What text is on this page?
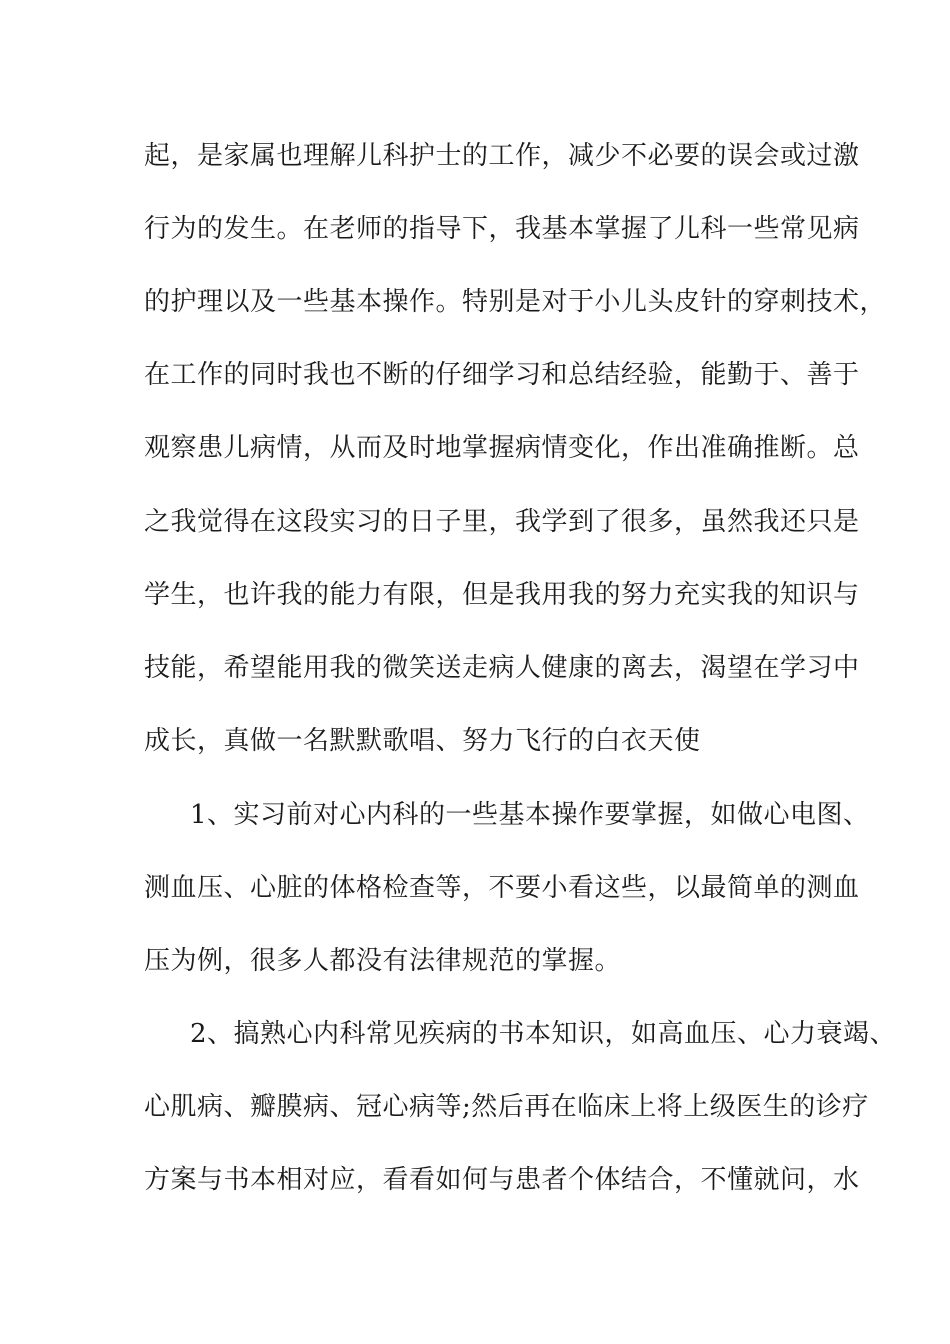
起，是家属也理解儿科护士的工作，减少不必要的误会或过激
行为的发生。在老师的指导下，我基本掌握了儿科一些常见病
的护理以及一些基本操作。特别是对于小儿头皮针的穿刺技术，
在工作的同时我也不断的仔细学习和总结经验，能勤于、善于
观察患儿病情，从而及时地掌握病情变化，作出准确推断。总
之我觉得在这段实习的日子里，我学到了很多，虽然我还只是
学生，也许我的能力有限，但是我用我的努力充实我的知识与
技能，希望能用我的微笑送走病人健康的离去，渴望在学习中
成长，真做一名默默歌唱、努力飞行的白衣天使
1、实习前对心内科的一些基本操作要掌握，如做心电图、
测血压、心脏的体格检查等，不要小看这些，以最简单的测血
压为例，很多人都没有法律规范的掌握。
2、搞熟心内科常见疾病的书本知识，如高血压、心力衰竭、
心肌病、瓣膜病、冠心病等;然后再在临床上将上级医生的诊疗
方案与书本相对应，看看如何与患者个体结合，不懂就问，水
